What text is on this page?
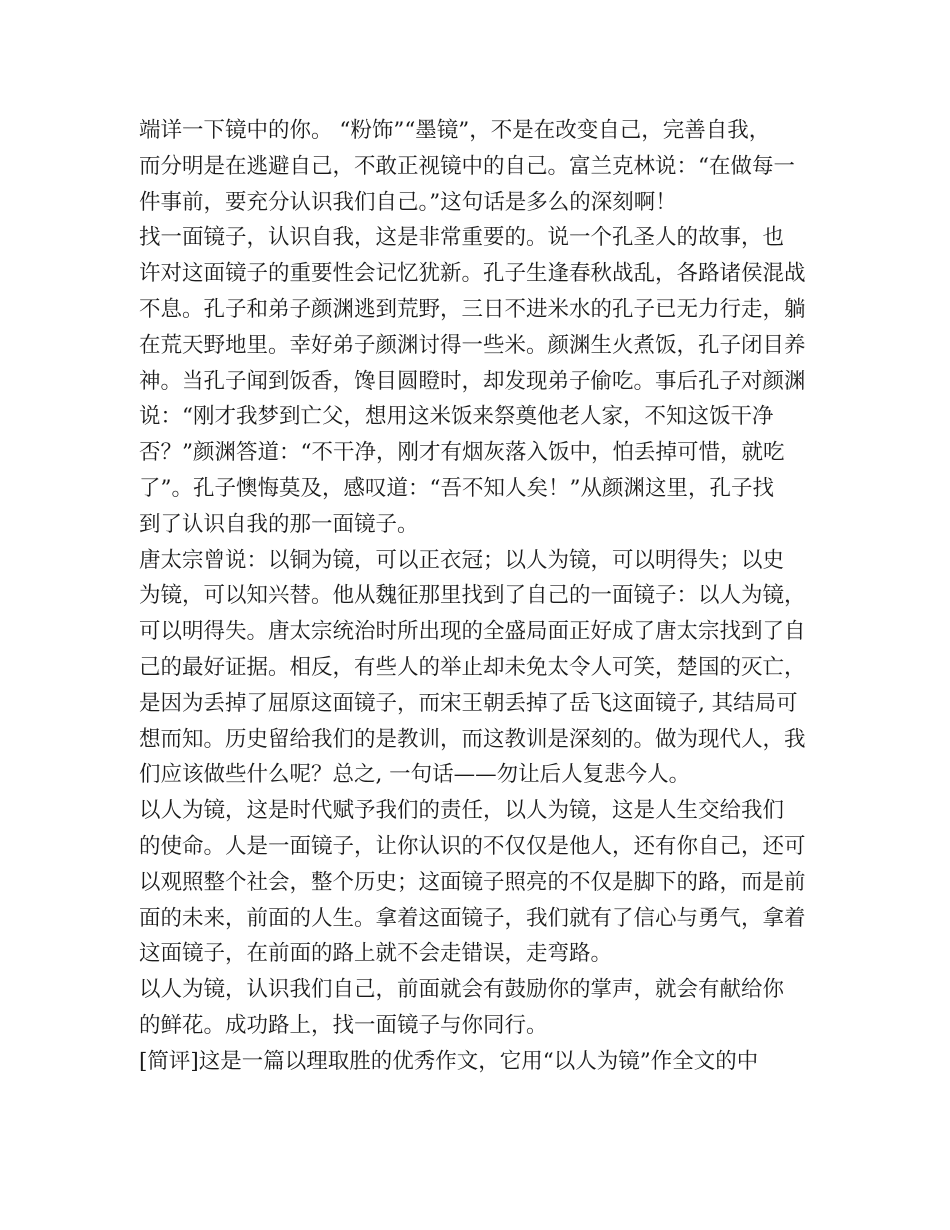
端详一下镜中的你。 “粉饰”“墨镜”，不是在改变自己，完善自我，
而分明是在逃避自己，不敢正视镜中的自己。富兰克林说：“在做每一
件事前，要充分认识我们自己。”这句话是多么的深刻啊！
找一面镜子，认识自我，这是非常重要的。说一个孔圣人的故事，也
许对这面镜子的重要性会记忆犹新。孔子生逢春秋战乱，各路诸侯混战
不息。孔子和弟子颜渊逃到荒野，三日不进米水的孔子已无力行走，躺
在荒天野地里。幸好弟子颜渊讨得一些米。颜渊生火煮饭，孔子闭目养
神。当孔子闻到饭香，馋目圆瞪时，却发现弟子偷吃。事后孔子对颜渊
说：“刚才我梦到亡父，想用这米饭来祭奠他老人家，不知这饭干净
否？”颜渊答道：“不干净，刚才有烟灰落入饭中，怕丢掉可惜，就吃
了”。孔子懊悔莫及，感叹道：“吾不知人矣！”从颜渊这里，孔子找
到了认识自我的那一面镜子。
唐太宗曾说：以铜为镜，可以正衣冠；以人为镜，可以明得失；以史
为镜，可以知兴替。他从魏征那里找到了自己的一面镜子：以人为镜，
可以明得失。唐太宗统治时所出现的全盛局面正好成了唐太宗找到了自
己的最好证据。相反，有些人的举止却未免太令人可笑，楚国的灭亡，
是因为丢掉了屈原这面镜子，而宋王朝丢掉了岳飞这面镜子, 其结局可
想而知。历史留给我们的是教训，而这教训是深刻的。做为现代人，我
们应该做些什么呢？总之, 一句话——勿让后人复悲今人。
以人为镜，这是时代赋予我们的责任，以人为镜，这是人生交给我们
的使命。人是一面镜子，让你认识的不仅仅是他人，还有你自己，还可
以观照整个社会，整个历史；这面镜子照亮的不仅是脚下的路，而是前
面的未来，前面的人生。拿着这面镜子，我们就有了信心与勇气，拿着
这面镜子，在前面的路上就不会走错误，走弯路。
以人为镜，认识我们自己，前面就会有鼓励你的掌声，就会有献给你
的鲜花。成功路上，找一面镜子与你同行。
[简评]这是一篇以理取胜的优秀作文，它用“以人为镜”作全文的中
